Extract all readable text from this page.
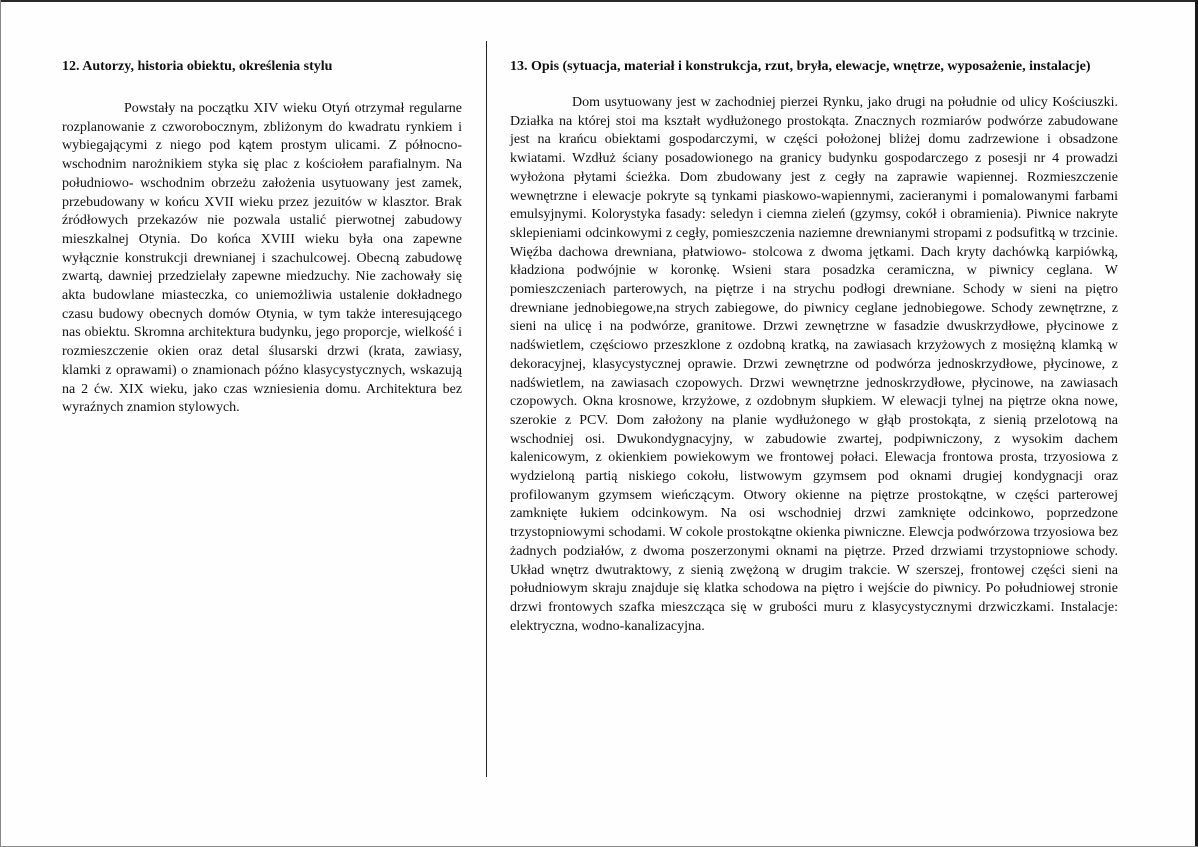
12. Autorzy, historia obiektu, określenia stylu

Powstały na początku XIV wieku Otyń otrzymał regularne rozplanowanie z czworobocznym, zbliżonym do kwadratu rynkiem i wybiegającymi z niego pod kątem prostym ulicami. Z północno- wschodnim narożnikiem styka się plac z kościołem parafialnym. Na południowo- wschodnim obrzeżu założenia usytuowany jest zamek, przebudowany w końcu XVII wieku przez jezuitów w klasztor. Brak źródłowych przekazów nie pozwala ustalić pierwotnej zabudowy mieszkalnej Otynia. Do końca XVIII wieku była ona zapewne wyłącznie konstrukcji drewnianej i szachulcowej. Obecną zabudowę zwartą, dawniej przedzielały zapewne miedzuchy. Nie zachowały się akta budowlane miasteczka, co uniemożliwia ustalenie dokładnego czasu budowy obecnych domów Otynia, w tym także interesującego nas obiektu. Skromna architektura budynku, jego proporcje, wielkość i rozmieszczenie okien oraz detal ślusarski drzwi (krata, zawiasy, klamki z oprawami) o znamionach późno klasycystycznych, wskazują na 2 ćw. XIX wieku, jako czas wzniesienia domu. Architektura bez wyraźnych znamion stylowych.

13. Opis (sytuacja, materiał i konstrukcja, rzut, bryła, elewacje, wnętrze, wyposażenie, instalacje)

Dom usytuowany jest w zachodniej pierzei Rynku, jako drugi na południe od ulicy Kościuszki. Działka na której stoi ma kształt wydłużonego prostokąta. Znacznych rozmiarów podwórze zabudowane jest na krańcu obiektami gospodarczymi, w części położonej bliżej domu zadrzewione i obsadzone kwiatami. Wzdłuż ściany posadowionego na granicy budynku gospodarczego z posesji nr 4 prowadzi wyłożona płytami ścieżka. Dom zbudowany jest z cegły na zaprawie wapiennej. Rozmieszczenie wewnętrzne i elewacje pokryte są tynkami piaskowo-wapiennymi, zacieranymi i pomalowanymi farbami emulsyjnymi. Kolorystyka fasady: seledyn i ciemna zieleń (gzymsy, cokół i obramienia). Piwnice nakryte sklepieniami odcinkowymi z cegły, pomieszczenia naziemne drewnianymi stropami z podsufitką w trzcinie. Więźba dachowa drewniana, płatwiowo- stolcowa z dwoma jętkami. Dach kryty dachówką karpiówką, kładziona podwójnie w koronkę. Wsieni stara posadzka ceramiczna, w piwnicy ceglana. W pomieszczeniach parterowych, na piętrze i na strychu podłogi drewniane. Schody w sieni na piętro drewniane jednobiegowe,na strych zabiegowe, do piwnicy ceglane jednobiegowe. Schody zewnętrzne, z sieni na ulicę i na podwórze, granitowe. Drzwi zewnętrzne w fasadzie dwuskrzydłowe, płycinowe z nadświetlem, częściowo przeszklone z ozdobną kratką, na zawiasach krzyżowych z mosiężną klamką w dekoracyjnej, klasycystycznej oprawie. Drzwi zewnętrzne od podwórza jednoskrzydłowe, płycinowe, z nadświetlem, na zawiasach czopowych. Drzwi wewnętrzne jednoskrzydłowe, płycinowe, na zawiasach czopowych. Okna krosnowe, krzyżowe, z ozdobnym słupkiem. W elewacji tylnej na piętrze okna nowe, szerokie z PCV. Dom założony na planie wydłużonego w głąb prostokąta, z sienią przelotową na wschodniej osi. Dwukondygnacyjny, w zabudowie zwartej, podpiwniczony, z wysokim dachem kalenicowym, z okienkiem powiekowym we frontowej połaci. Elewacja frontowa prosta, trzyosiowa z wydzieloną partią niskiego cokołu, listwowym gzymsem pod oknami drugiej kondygnacji oraz profilowanym gzymsem wieńczącym. Otwory okienne na piętrze prostokątne, w części parterowej zamknięte łukiem odcinkowym. Na osi wschodniej drzwi zamknięte odcinkowo, poprzedzone trzystopniowymi schodami. W cokole prostokątne okienka piwniczne. Elewcja podwórzowa trzyosiowa bez żadnych podziałów, z dwoma poszerzonymi oknami na piętrze. Przed drzwiami trzystopniowe schody. Układ wnętrz dwutraktowy, z sienią zwężoną w drugim trakcie. W szerszej, frontowej części sieni na południowym skraju znajduje się klatka schodowa na piętro i wejście do piwnicy. Po południowej stronie drzwi frontowych szafka mieszcząca się w grubości muru z klasycystycznymi drzwiczkami. Instalacje: elektryczna, wodno-kanalizacyjna.
